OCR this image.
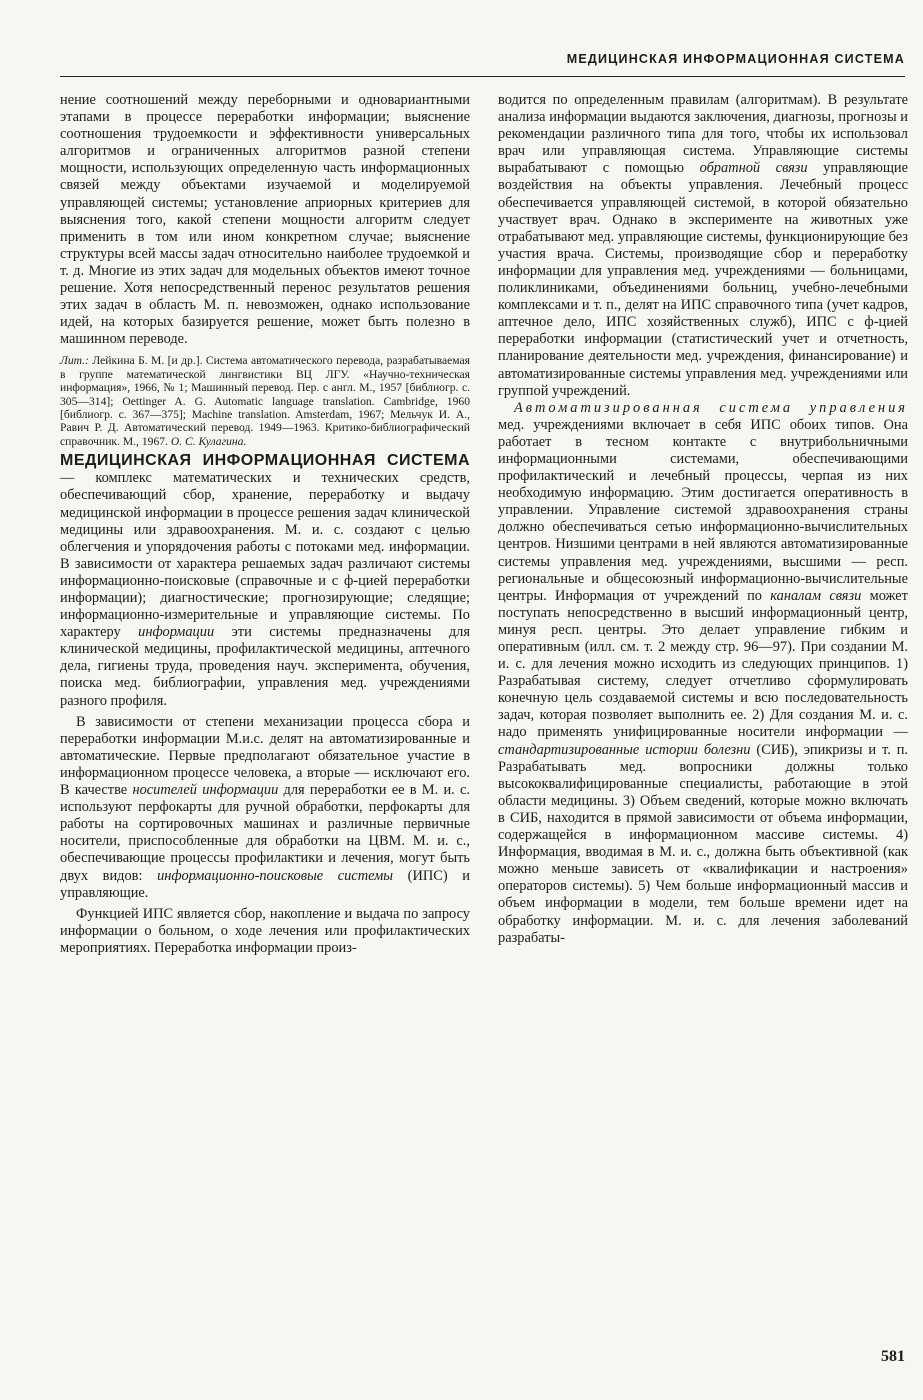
МЕДИЦИНСКАЯ ИНФОРМАЦИОННАЯ СИСТЕМА

нение соотношений между переборными и одновариантными этапами в процессе переработки информации; выяснение соотношения трудоемкости и эффективности универсальных алгоритмов и ограниченных алгоритмов разной степени мощности, использующих определенную часть информационных связей между объектами изучаемой и моделируемой управляющей системы; установление априорных критериев для выяснения того, какой степени мощности алгоритм следует применить в том или ином конкретном случае; выяснение структуры всей массы задач относительно наиболее трудоемкой и т. д. Многие из этих задач для модельных объектов имеют точное решение. Хотя непосредственный перенос результатов решения этих задач в область М. п. невозможен, однако использование идей, на которых базируется решение, может быть полезно в машинном переводе.

Лит.: Лейкина Б. М. [и др.]. Система автоматического перевода, разрабатываемая в группе математической лингвистики ВЦ ЛГУ. «Научно-техническая информация», 1966, № 1; Машинный перевод. Пер. с англ. М., 1957 [библиогр. с. 305—314]; Oettinger A. G. Automatic language translation. Cambridge, 1960 [библиогр. с. 367—375]; Machine translation. Amsterdam, 1967; Мельчук И. А., Равич Р. Д. Автоматический перевод. 1949—1963. Критико-библиографический справочник. М., 1967. О. С. Кулагина.

МЕДИЦИНСКАЯ ИНФОРМАЦИОННАЯ СИСТЕМА — комплекс математических и технических средств, обеспечивающий сбор, хранение, переработку и выдачу медицинской информации в процессе решения задач клинической медицины или здравоохранения. М. и. с. создают с целью облегчения и упорядочения работы с потоками мед. информации. В зависимости от характера решаемых задач различают системы информационно-поисковые (справочные и с ф-цией переработки информации); диагностические; прогнозирующие; следящие; информационно-измерительные и управляющие системы. По характеру информации эти системы предназначены для клинической медицины, профилактической медицины, аптечного дела, гигиены труда, проведения науч. эксперимента, обучения, поиска мед. библиографии, управления мед. учреждениями разного профиля.

В зависимости от степени механизации процесса сбора и переработки информации М.и.с. делят на автоматизированные и автоматические. Первые предполагают обязательное участие в информационном процессе человека, а вторые — исключают его. В качестве носителей информации для переработки ее в М. и. с. используют перфокарты для ручной обработки, перфокарты для работы на сортировочных машинах и различные первичные носители, приспособленные для обработки на ЦВМ. М. и. с., обеспечивающие процессы профилактики и лечения, могут быть двух видов: информационно-поисковые системы (ИПС) и управляющие.

Функцией ИПС является сбор, накопление и выдача по запросу информации о больном, о ходе лечения или профилактических мероприятиях. Переработка информации произ-

водится по определенным правилам (алгоритмам). В результате анализа информации выдаются заключения, диагнозы, прогнозы и рекомендации различного типа для того, чтобы их использовал врач или управляющая система. Управляющие системы вырабатывают с помощью обратной связи управляющие воздействия на объекты управления. Лечебный процесс обеспечивается управляющей системой, в которой обязательно участвует врач. Однако в эксперименте на животных уже отрабатывают мед. управляющие системы, функционирующие без участия врача. Системы, производящие сбор и переработку информации для управления мед. учреждениями — больницами, поликлиниками, объединениями больниц, учебно-лечебными комплексами и т. п., делят на ИПС справочного типа (учет кадров, аптечное дело, ИПС хозяйственных служб), ИПС с ф-цией переработки информации (статистический учет и отчетность, планирование деятельности мед. учреждения, финансирование) и автоматизированные системы управления мед. учреждениями или группой учреждений.

Автоматизированная система управления мед. учреждениями включает в себя ИПС обоих типов. Она работает в тесном контакте с внутрибольничными информационными системами, обеспечивающими профилактический и лечебный процессы, черпая из них необходимую информацию. Этим достигается оперативность в управлении. Управление системой здравоохранения страны должно обеспечиваться сетью информационно-вычислительных центров. Низшими центрами в ней являются автоматизированные системы управления мед. учреждениями, высшими — респ. региональные и общесоюзный информационно-вычислительные центры. Информация от учреждений по каналам связи может поступать непосредственно в высший информационный центр, минуя респ. центры. Это делает управление гибким и оперативным (илл. см. т. 2 между стр. 96—97). При создании М. и. с. для лечения можно исходить из следующих принципов. 1) Разрабатывая систему, следует отчетливо сформулировать конечную цель создаваемой системы и всю последовательность задач, которая позволяет выполнить ее. 2) Для создания М. и. с. надо применять унифицированные носители информации — стандартизированные истории болезни (СИБ), эпикризы и т. п. Разрабатывать мед. вопросники должны только высококвалифицированные специалисты, работающие в этой области медицины. 3) Объем сведений, которые можно включать в СИБ, находится в прямой зависимости от объема информации, содержащейся в информационном массиве системы. 4) Информация, вводимая в М. и. с., должна быть объективной (как можно меньше зависеть от «квалификации и настроения» операторов системы). 5) Чем больше информационный массив и объем информации в модели, тем больше времени идет на обработку информации. М. и. с. для лечения заболеваний разрабаты-

581
